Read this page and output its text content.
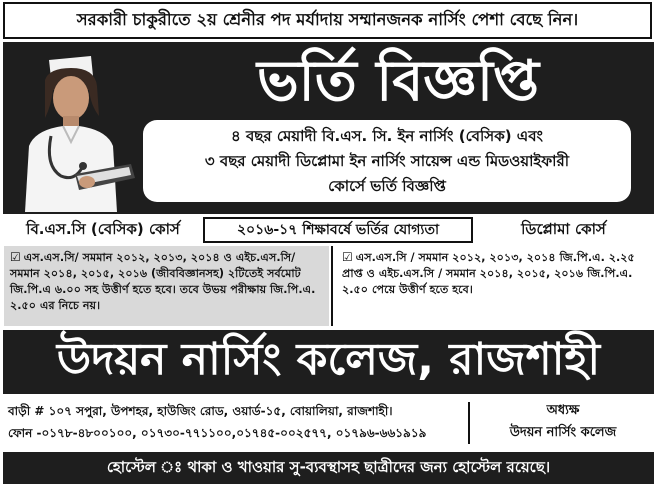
সরকারী চাকুরীতে ২য় শ্রেনীর পদ মর্যাদায় সম্মানজনক নার্সিং পেশা বেছে নিন।
ভর্তি বিজ্ঞপ্তি
৪ বছর মেয়াদী বি.এস. সি. ইন নার্সিং (বেসিক) এবং
৩ বছর মেয়াদী ডিপ্লোমা ইন নার্সিং সায়েন্স এন্ড মিডওয়াইফারী
কোর্সে ভর্তি বিজ্ঞপ্তি
বি.এস.সি (বেসিক) কোর্স	২০১৬-১৭ শিক্ষাবর্ষে ভর্তির যোগ্যতা	ডিপ্লোমা কোর্স
☑ এস.এস.সি/ সমমান ২০১২, ২০১৩, ২০১৪ ও এইচ.এস.সি/সমমান ২০১৪, ২০১৫, ২০১৬ (জীববিজ্ঞানসহ) ২টিতেই সর্বমোট জি.পি.এ ৬.০০ সহ উত্তীর্ণ হতে হবে। তবে উভয় পরীক্ষায় জি.পি.এ. ২.৫০ এর নিচে নয়।
☑ এস.এস.সি / সমমান ২০১২, ২০১৩, ২০১৪ জি.পি.এ. ২.২৫ প্রাপ্ত ও এইচ.এস.সি / সমমান ২০১৪, ২০১৫, ২০১৬ জি.পি.এ. ২.৫০ পেয়ে উত্তীর্ণ হতে হবে।
উদয়ন নার্সিং কলেজ, রাজশাহী
বাড়ী # ১০৭ সপুরা, উপশহর, হাউজিং রোড, ওয়ার্ড-১৫, বোয়ালিয়া, রাজশাহী।
ফোন -০১৭৮-৪৮০০১০০, ০১৭৩০-৭৭১১০০,০১৭৪৫-০০২৫৭৭, ০১৭৯৬-৬৬১৯১৯
অধ্যক্ষ
উদয়ন নার্সিং কলেজ
হোস্টেল ঃ থাকা ও খাওয়ার সু-ব্যবস্থাসহ ছাত্রীদের জন্য হোস্টেল রয়েছে।
